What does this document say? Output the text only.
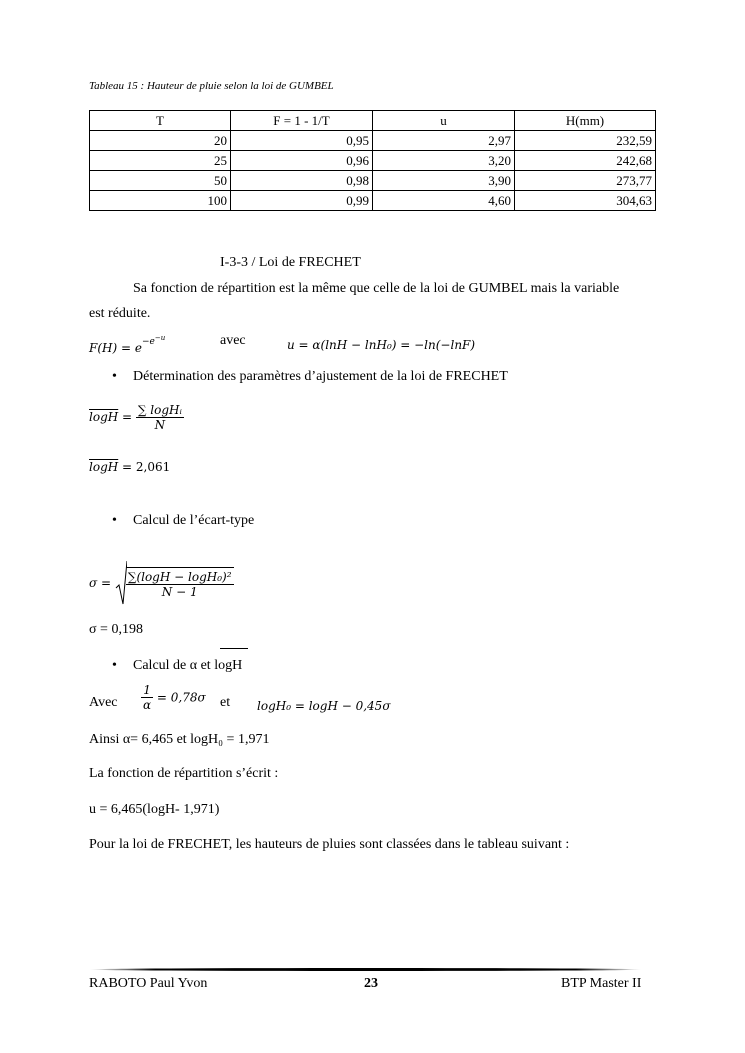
Tableau 15 : Hauteur de pluie selon la loi de GUMBEL
T	F = 1 - 1/T	u	H(mm)
20	0,95	2,97	232,59
25	0,96	3,20	242,68
50	0,98	3,90	273,77
100	0,99	4,60	304,63
I-3-3 / Loi de FRECHET
Sa fonction de répartition est la même que celle de la loi de GUMBEL mais la variable
est réduite.
$F(H) = e^{-e^{-u}}$	avec	u = α(lnH − lnH₀) = −ln(−lnF)
• Détermination des paramètres d’ajustement de la loi de FRECHET
$\log H = \frac{\text{∑ logHᵢ}}{N}$
logH = 2,061
• Calcul de l’écart-type
$\sigma = \frac{\text{∑(logH − logH₀)²}}{N - 1}$
σ = 0,198
• Calcul de α et logH
Avec $\frac{1}{\alpha} = 0,78\sigma$ et logH₀ = logH − 0,45σ
Ainsi α= 6,465 et logH₀ = 1,971
La fonction de répartition s’écrit :
u = 6,465(logH- 1,971)
Pour la loi de FRECHET, les hauteurs de pluies sont classées dans le tableau suivant :
RABOTO Paul Yvon	23	BTP Master II
